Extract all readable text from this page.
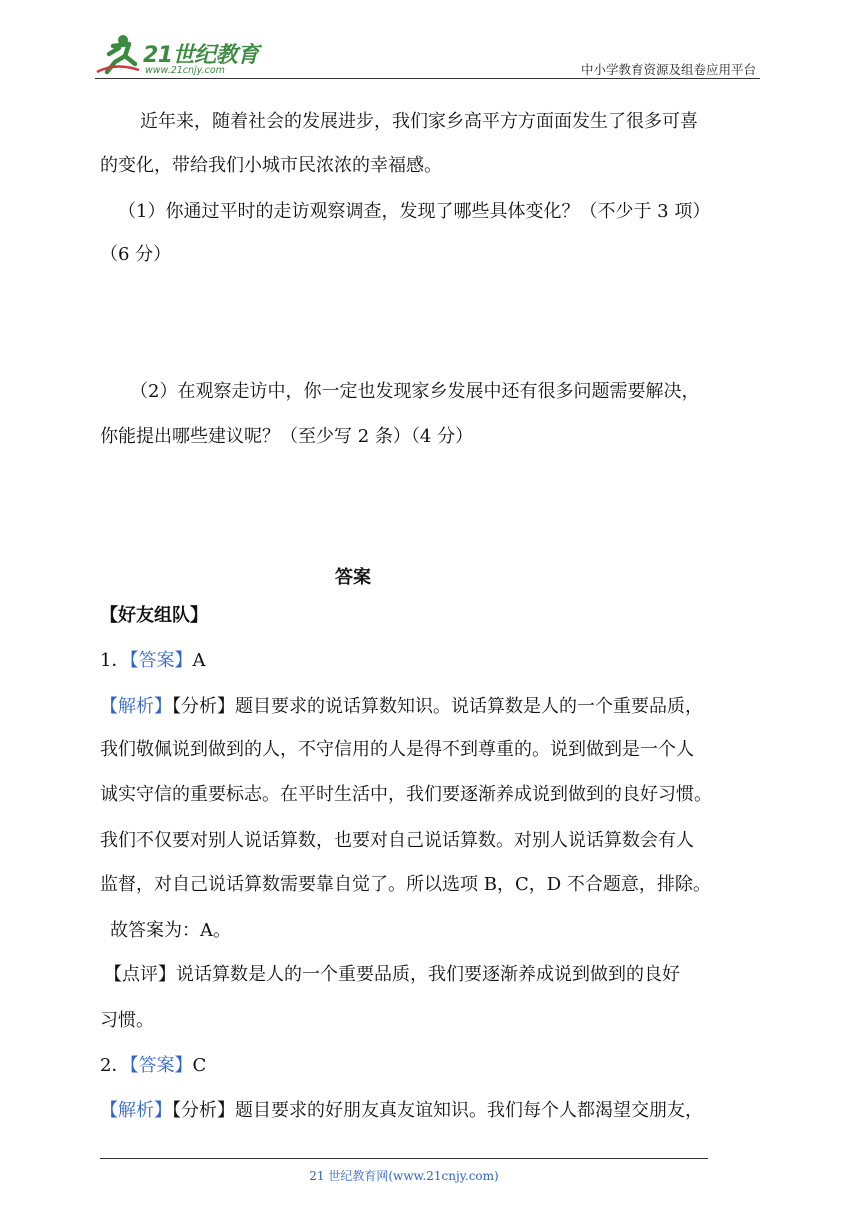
21世纪教育
www.21cnjy.com	中小学教育资源及组卷应用平台
近年来，随着社会的发展进步，我们家乡高平方方面面发生了很多可喜
的变化，带给我们小城市民浓浓的幸福感。
（1）你通过平时的走访观察调查，发现了哪些具体变化？（不少于 3 项）
（6 分）
（2）在观察走访中，你一定也发现家乡发展中还有很多问题需要解决，
你能提出哪些建议呢？（至少写 2 条）（4 分）
答案
【好友组队】
1．【答案】A
【解析】【分析】题目要求的说话算数知识。说话算数是人的一个重要品质，
我们敬佩说到做到的人，不守信用的人是得不到尊重的。说到做到是一个人
诚实守信的重要标志。在平时生活中，我们要逐渐养成说到做到的良好习惯。
我们不仅要对别人说话算数，也要对自己说话算数。对别人说话算数会有人
监督，对自己说话算数需要靠自觉了。所以选项 B，C，D 不合题意，排除。
故答案为：A。
【点评】说话算数是人的一个重要品质，我们要逐渐养成说到做到的良好
习惯。
2．【答案】C
【解析】【分析】题目要求的好朋友真友谊知识。我们每个人都渴望交朋友，
21 世纪教育网(www.21cnjy.com)
